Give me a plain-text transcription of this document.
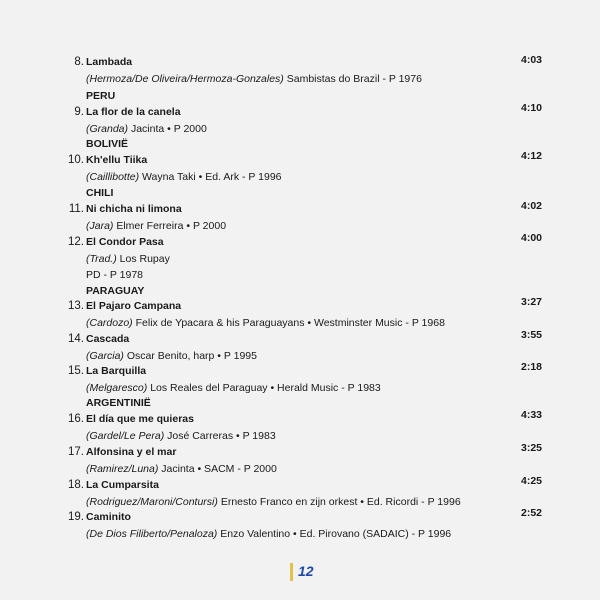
8. Lambada	4:03
(Hermoza/De Oliveira/Hermoza-Gonzales) Sambistas do Brazil - P 1976
PERU
9. La flor de la canela	4:10
(Granda) Jacinta • P 2000
BOLIVIË
10. Kh'ellu Tiika	4:12
(Caillibotte) Wayna Taki • Ed. Ark - P 1996
CHILI
11. Ni chicha ni limona	4:02
(Jara) Elmer Ferreira • P 2000
12. El Condor Pasa	4:00
(Trad.) Los Rupay
PD - P 1978
PARAGUAY
13. El Pajaro Campana	3:27
(Cardozo) Felix de Ypacara & his Paraguayans • Westminster Music - P 1968
14. Cascada	3:55
(Garcia) Oscar Benito, harp • P 1995
15. La Barquilla	2:18
(Melgaresco) Los Reales del Paraguay • Herald Music - P 1983
ARGENTINIË
16. El día que me quieras	4:33
(Gardel/Le Pera) José Carreras • P 1983
17. Alfonsina y el mar	3:25
(Ramirez/Luna) Jacinta • SACM - P 2000
18. La Cumparsita	4:25
(Rodriguez/Maroni/Contursi) Ernesto Franco en zijn orkest • Ed. Ricordi - P 1996
19. Caminito	2:52
(De Dios Filiberto/Penaloza) Enzo Valentino • Ed. Pirovano (SADAIC) - P 1996
12
